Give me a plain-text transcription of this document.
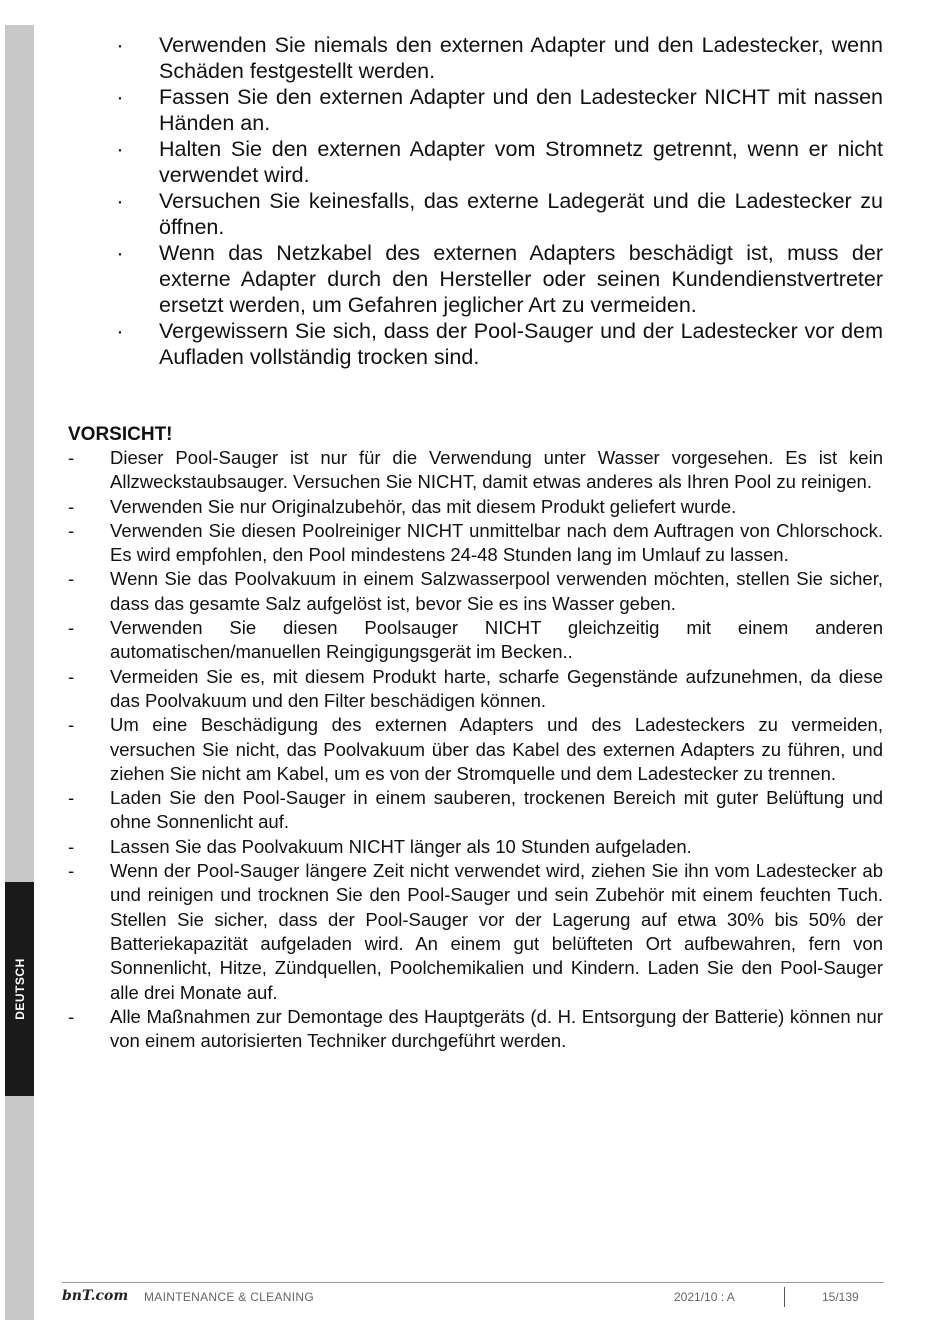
DEUTSCH
· Verwenden Sie niemals den externen Adapter und den Ladestecker, wenn Schäden festgestellt werden.
· Fassen Sie den externen Adapter und den Ladestecker NICHT mit nassen Händen an.
· Halten Sie den externen Adapter vom Stromnetz getrennt, wenn er nicht verwendet wird.
· Versuchen Sie keinesfalls, das externe Ladegerät und die Ladestecker zu öffnen.
· Wenn das Netzkabel des externen Adapters beschädigt ist, muss der externe Adapter durch den Hersteller oder seinen Kundendienstvertreter ersetzt werden, um Gefahren jeglicher Art zu vermeiden.
· Vergewissern Sie sich, dass der Pool-Sauger und der Ladestecker vor dem Aufladen vollständig trocken sind.
VORSICHT!
- Dieser Pool-Sauger ist nur für die Verwendung unter Wasser vorgesehen. Es ist kein Allzweckstaubsauger. Versuchen Sie NICHT, damit etwas anderes als Ihren Pool zu reinigen.
- Verwenden Sie nur Originalzubehör, das mit diesem Produkt geliefert wurde.
- Verwenden Sie diesen Poolreiniger NICHT unmittelbar nach dem Auftragen von Chlorschock. Es wird empfohlen, den Pool mindestens 24-48 Stunden lang im Umlauf zu lassen.
- Wenn Sie das Poolvakuum in einem Salzwasserpool verwenden möchten, stellen Sie sicher, dass das gesamte Salz aufgelöst ist, bevor Sie es ins Wasser geben.
- Verwenden Sie diesen Poolsauger NICHT gleichzeitig mit einem anderen automatischen/manuellen Reingigungsgerät im Becken..
- Vermeiden Sie es, mit diesem Produkt harte, scharfe Gegenstände aufzunehmen, da diese das Poolvakuum und den Filter beschädigen können.
- Um eine Beschädigung des externen Adapters und des Ladesteckers zu vermeiden, versuchen Sie nicht, das Poolvakuum über das Kabel des externen Adapters zu führen, und ziehen Sie nicht am Kabel, um es von der Stromquelle und dem Ladestecker zu trennen.
- Laden Sie den Pool-Sauger in einem sauberen, trockenen Bereich mit guter Belüftung und ohne Sonnenlicht auf.
- Lassen Sie das Poolvakuum NICHT länger als 10 Stunden aufgeladen.
- Wenn der Pool-Sauger längere Zeit nicht verwendet wird, ziehen Sie ihn vom Ladestecker ab und reinigen und trocknen Sie den Pool-Sauger und sein Zubehör mit einem feuchten Tuch. Stellen Sie sicher, dass der Pool-Sauger vor der Lagerung auf etwa 30% bis 50% der Batteriekapazität aufgeladen wird. An einem gut belüfteten Ort aufbewahren, fern von Sonnenlicht, Hitze, Zündquellen, Poolchemikalien und Kindern. Laden Sie den Pool-Sauger alle drei Monate auf.
- Alle Maßnahmen zur Demontage des Hauptgeräts (d. H. Entsorgung der Batterie) können nur von einem autorisierten Techniker durchgeführt werden.
bnT.com MAINTENANCE & CLEANING	2021/10 : A	15/139
